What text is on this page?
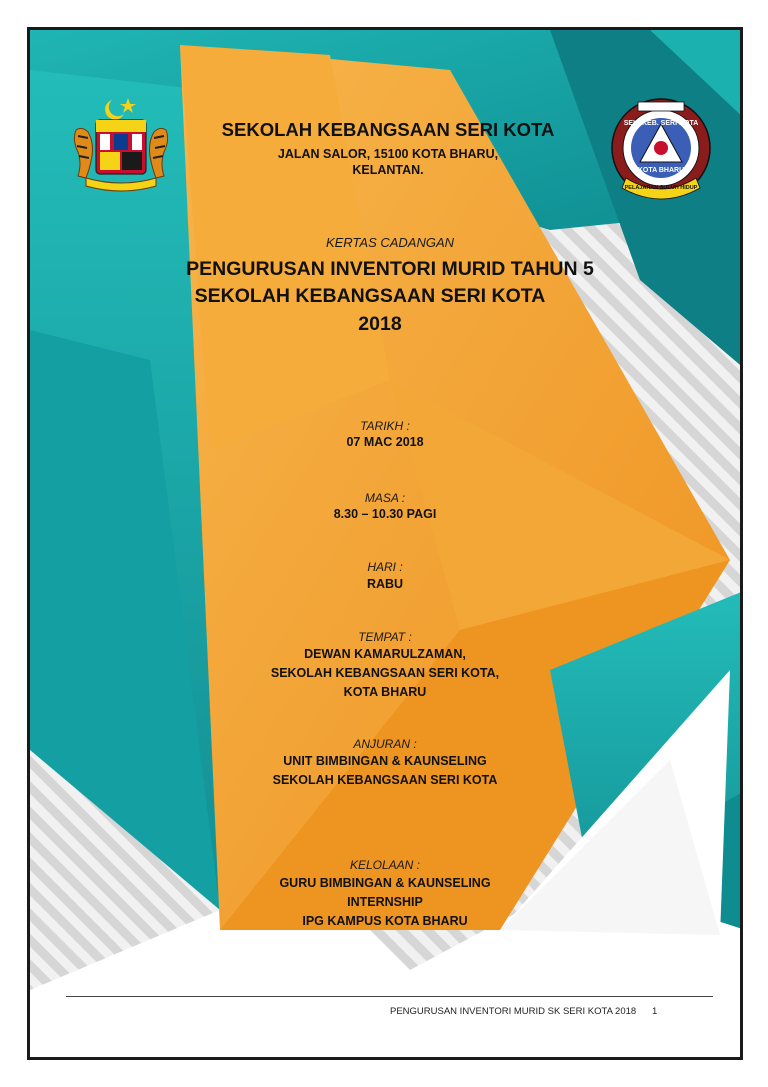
SEK. KEB. SERI KOTA
KOTA BHARU
PELAJARAN SULUH HIDUP
SEKOLAH KEBANGSAAN SERI KOTA
JALAN SALOR, 15100 KOTA BHARU,
KELANTAN.
KERTAS CADANGAN
PENGURUSAN INVENTORI MURID TAHUN 5
SEKOLAH KEBANGSAAN SERI KOTA
2018
TARIKH :
07 MAC 2018
MASA :
8.30 – 10.30 PAGI
HARI :
RABU
TEMPAT :
DEWAN KAMARULZAMAN,
SEKOLAH KEBANGSAAN SERI KOTA,
KOTA BHARU
ANJURAN :
UNIT BIMBINGAN & KAUNSELING
SEKOLAH KEBANGSAAN SERI KOTA
KELOLAAN :
GURU BIMBINGAN & KAUNSELING
INTERNSHIP
IPG KAMPUS KOTA BHARU
PENGURUSAN INVENTORI MURID SK SERI KOTA 2018 1
